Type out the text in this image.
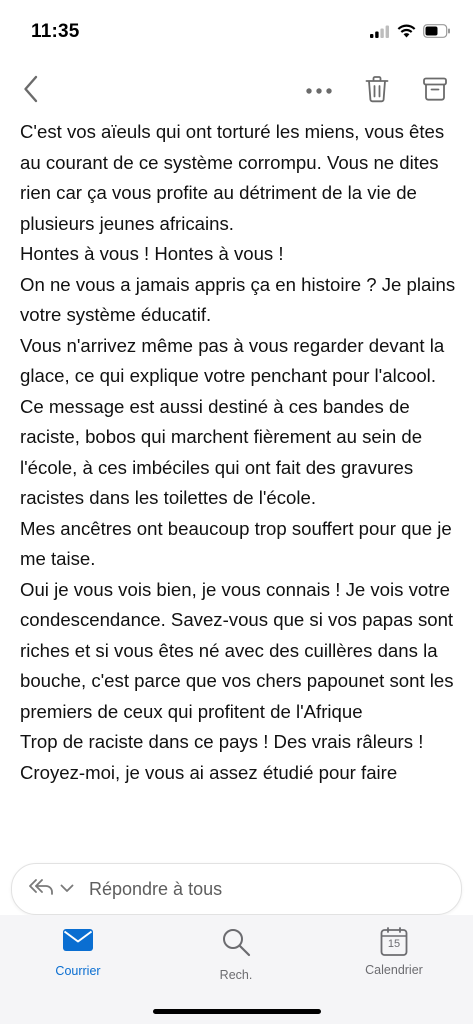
11:35

C'est vos aïeuls qui ont torturé les miens, vous êtes au courant de ce système corrompu. Vous ne dites rien car ça vous profite au détriment de la vie de plusieurs jeunes africains.

Hontes à vous ! Hontes à vous !

On ne vous a jamais appris ça en histoire ? Je plains votre système éducatif.

Vous n'arrivez même pas à vous regarder devant la glace, ce qui explique votre penchant pour l'alcool.

Ce message est aussi destiné à ces bandes de raciste, bobos qui marchent fièrement au sein de l'école, à ces imbéciles qui ont fait des gravures racistes dans les toilettes de l'école.

Mes ancêtres ont beaucoup trop souffert pour que je me taise.

Oui je vous vois bien, je vous connais ! Je vois votre condescendance. Savez-vous que si vos papas sont riches et si vous êtes né avec des cuillères dans la bouche, c'est parce que vos chers papounet sont les premiers de ceux qui profitent de l'Afrique

Trop de raciste dans ce pays ! Des vrais râleurs ! Croyez-moi, je vous ai assez étudié pour faire

Répondre à tous
Courrier	Rech.
15
Calendrier
